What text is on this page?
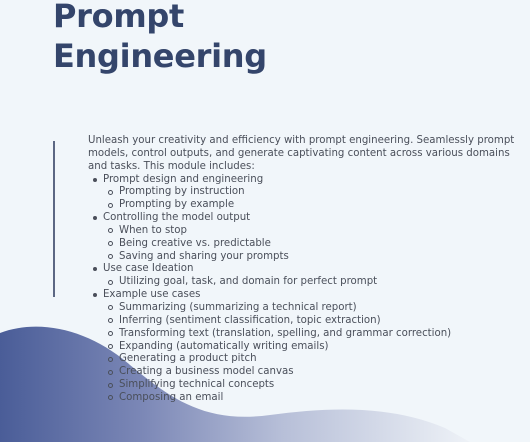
Prompt
Engineering

Unleash your creativity and efficiency with prompt engineering. Seamlessly prompt models, control outputs, and generate captivating content across various domains and tasks. This module includes:

Prompt design and engineering
Prompting by instruction
Prompting by example
Controlling the model output
When to stop
Being creative vs. predictable
Saving and sharing your prompts
Use case Ideation
Utilizing goal, task, and domain for perfect prompt
Example use cases
Summarizing (summarizing a technical report)
Inferring (sentiment classification, topic extraction)
Transforming text (translation, spelling, and grammar correction)
Expanding (automatically writing emails)
Generating a product pitch
Creating a business model canvas
Simplifying technical concepts
Composing an email
